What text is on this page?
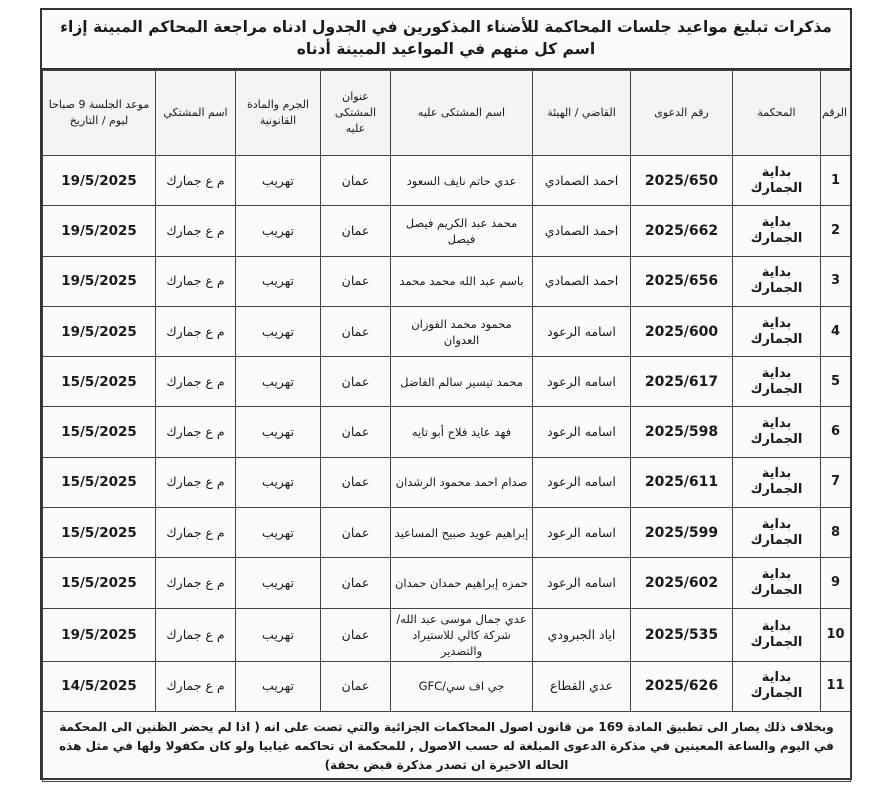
مذكرات تبليغ مواعيد جلسات المحاكمة للأضناء المذكورين في الجدول ادناه مراجعة المحاكم المبينة إزاء اسم كل منهم في المواعيد المبينة أدناه
الرقم	المحكمة	رقم الدعوى	القاضي / الهيئة	اسم المشتكى عليه	عنوان المشتكى عليه	الجرم والمادة القانونية	اسم المشتكي	موعد الجلسة 9 صباحا ليوم / التاريخ
1	بداية الجمارك	2025/650	احمد الصمادي	عدي حاتم نايف السعود	عمان	تهريب	م ع جمارك	19/5/2025
2	بداية الجمارك	2025/662	احمد الصمادي	محمد عبد الكريم فيصل فيصل	عمان	تهريب	م ع جمارك	19/5/2025
3	بداية الجمارك	2025/656	احمد الصمادي	باسم عبد الله محمد محمد	عمان	تهريب	م ع جمارك	19/5/2025
4	بداية الجمارك	2025/600	اسامه الرعود	محمود محمد الفوزان العدوان	عمان	تهريب	م ع جمارك	19/5/2025
5	بداية الجمارك	2025/617	اسامه الرعود	محمد تيسير سالم الفاضل	عمان	تهريب	م ع جمارك	15/5/2025
6	بداية الجمارك	2025/598	اسامه الرعود	فهد عايد فلاح أبو تايه	عمان	تهريب	م ع جمارك	15/5/2025
7	بداية الجمارك	2025/611	اسامه الرعود	صدام احمد محمود الرشدان	عمان	تهريب	م ع جمارك	15/5/2025
8	بداية الجمارك	2025/599	اسامه الرعود	إبراهيم عويد صبيح المساعيد	عمان	تهريب	م ع جمارك	15/5/2025
9	بداية الجمارك	2025/602	اسامه الرعود	حمزه إبراهيم حمدان حمدان	عمان	تهريب	م ع جمارك	15/5/2025
10	بداية الجمارك	2025/535	اياد الجبرودي	عدي جمال موسى عبد الله/شركة كالي للاستيراد والتصدير	عمان	تهريب	م ع جمارك	19/5/2025
11	بداية الجمارك	2025/626	عدي القطاع	جي اف سي/GFC	عمان	تهريب	م ع جمارك	14/5/2025
وبخلاف ذلك يصار الى تطبيق المادة 169 من قانون اصول المحاكمات الجزائية والتي تصت على انه ( اذا لم يحضر الظنين الى المحكمة في اليوم والساعة المعينين في مذكرة الدعوى المبلغة له حسب الاصول , للمحكمة ان تحاكمه غيابيا ولو كان مكفولا ولها في مثل هذه الحاله الاخيرة ان تصدر مذكرة قبض بحقة)								
